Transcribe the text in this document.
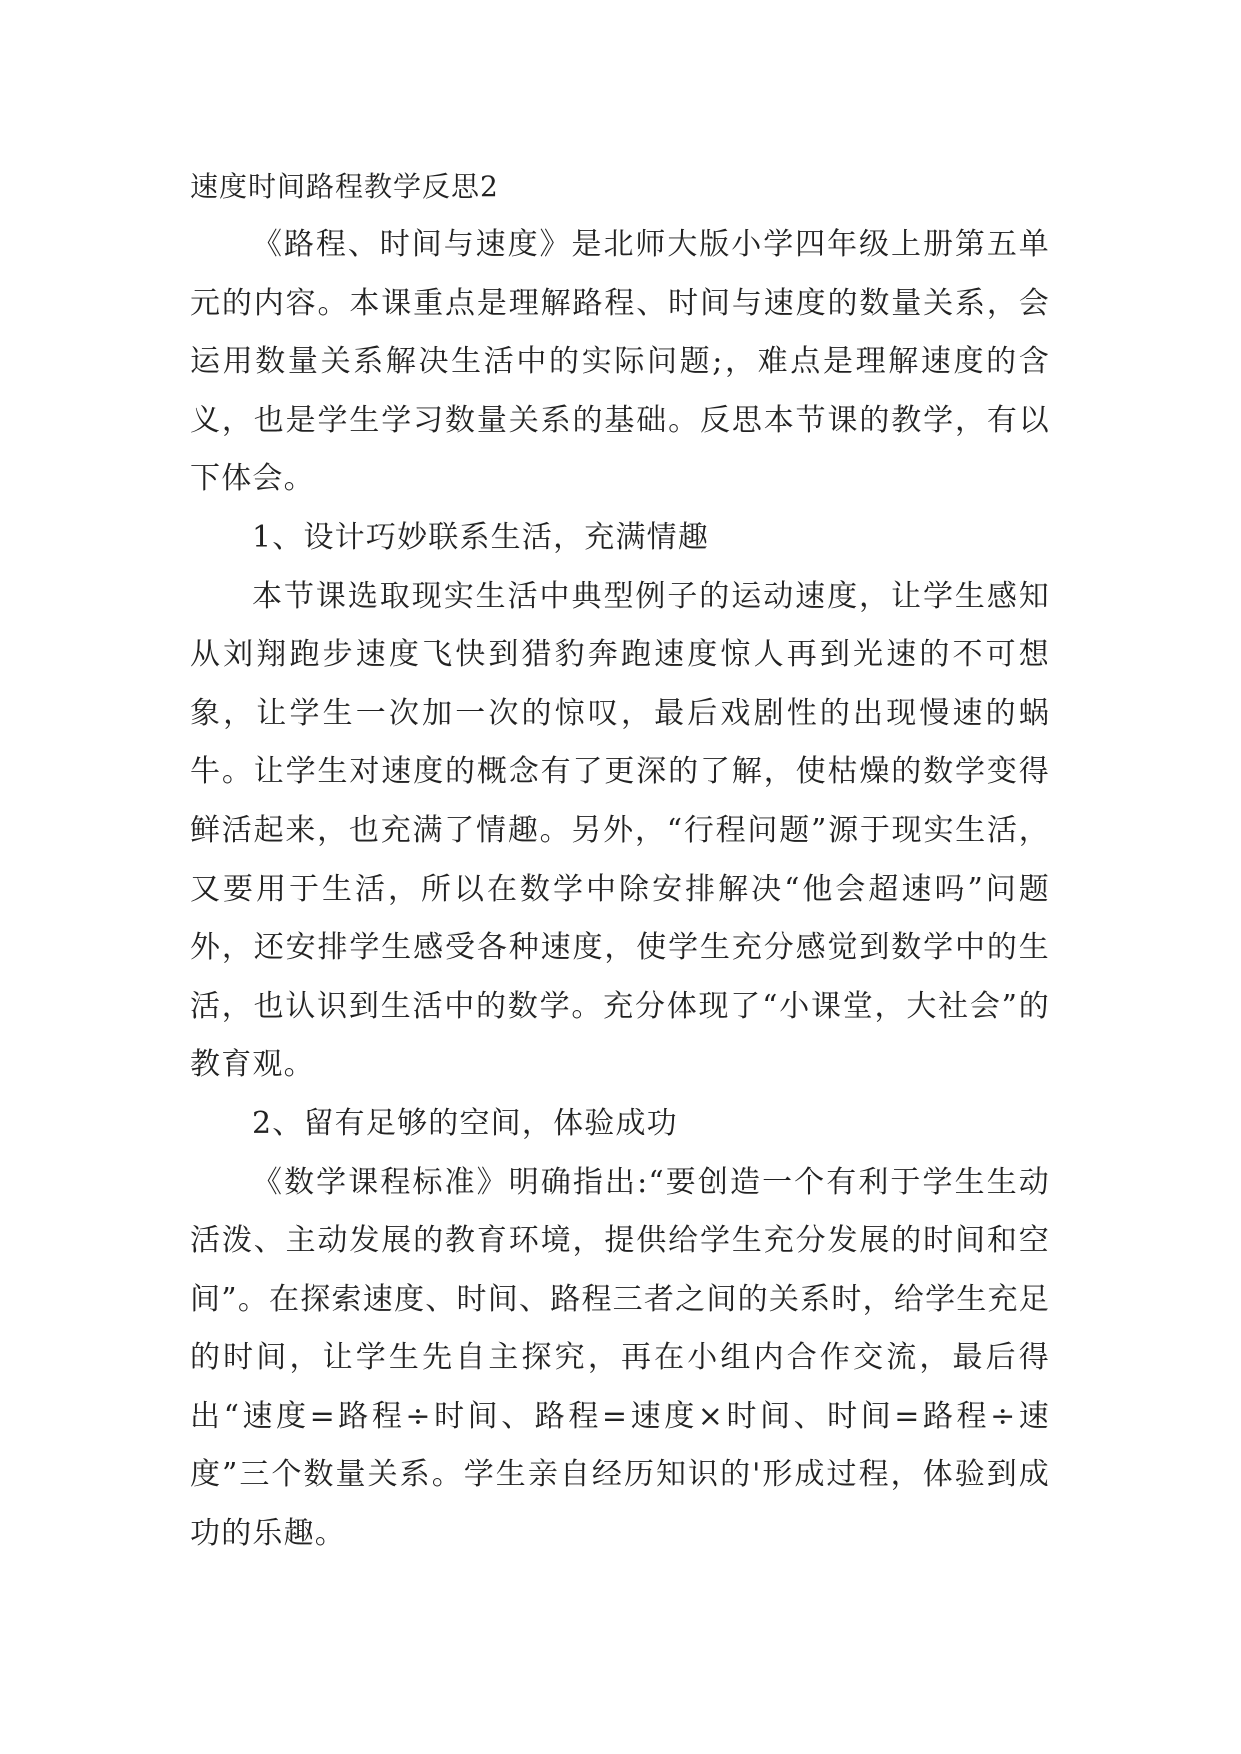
速度时间路程教学反思2

《路程、时间与速度》是北师大版小学四年级上册第五单元的内容。本课重点是理解路程、时间与速度的数量关系，会运用数量关系解决生活中的实际问题;，难点是理解速度的含义，也是学生学习数量关系的基础。反思本节课的教学，有以下体会。

1、设计巧妙联系生活，充满情趣

本节课选取现实生活中典型例子的运动速度，让学生感知从刘翔跑步速度飞快到猎豹奔跑速度惊人再到光速的不可想象，让学生一次加一次的惊叹，最后戏剧性的出现慢速的蜗牛。让学生对速度的概念有了更深的了解，使枯燥的数学变得鲜活起来，也充满了情趣。另外，“行程问题”源于现实生活，又要用于生活，所以在数学中除安排解决“他会超速吗”问题外，还安排学生感受各种速度，使学生充分感觉到数学中的生活，也认识到生活中的数学。充分体现了“小课堂，大社会”的教育观。

2、留有足够的空间，体验成功

《数学课程标准》明确指出:“要创造一个有利于学生生动活泼、主动发展的教育环境，提供给学生充分发展的时间和空间”。在探索速度、时间、路程三者之间的关系时，给学生充足的时间，让学生先自主探究，再在小组内合作交流，最后得出“速度=路程÷时间、路程=速度×时间、时间=路程÷速度”三个数量关系。学生亲自经历知识的'形成过程，体验到成功的乐趣。
